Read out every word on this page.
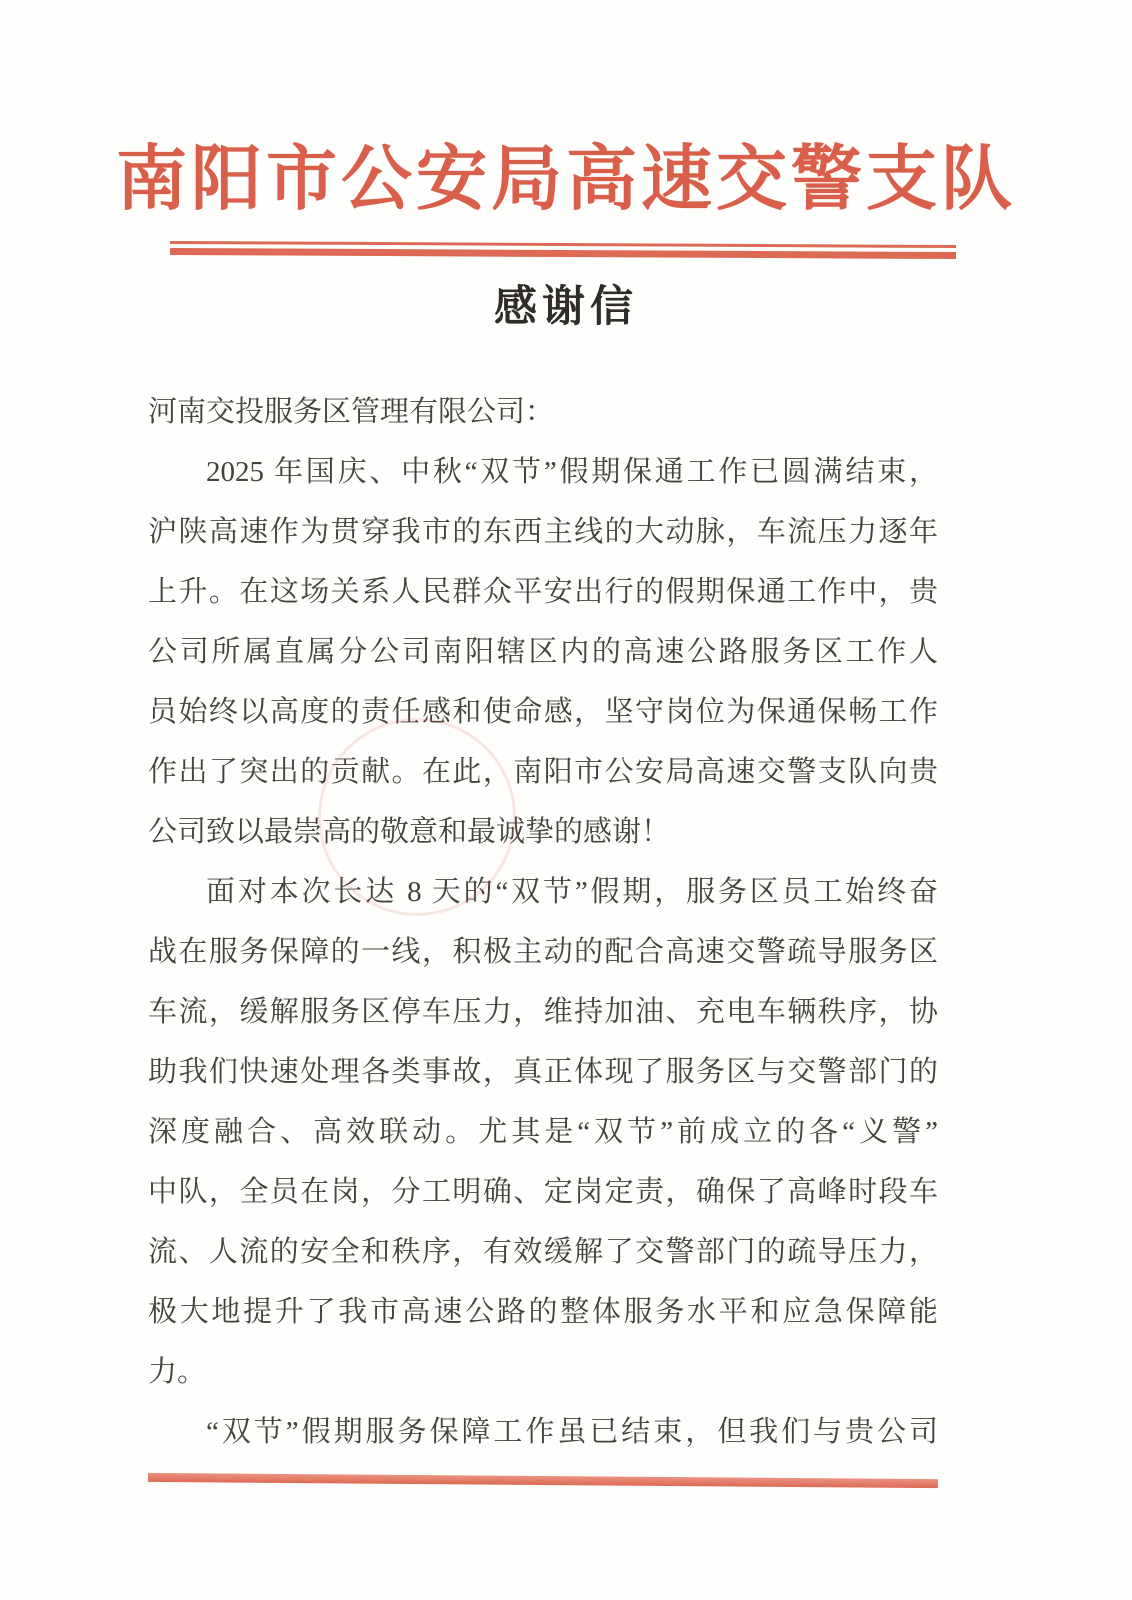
南阳市公安局高速交警支队
感谢信
河南交投服务区管理有限公司：
2025 年国庆、中秋“双节”假期保通工作已圆满结束，
沪陕高速作为贯穿我市的东西主线的大动脉，车流压力逐年
上升。在这场关系人民群众平安出行的假期保通工作中，贵
公司所属直属分公司南阳辖区内的高速公路服务区工作人
员始终以高度的责任感和使命感，坚守岗位为保通保畅工作
作出了突出的贡献。在此，南阳市公安局高速交警支队向贵
公司致以最崇高的敬意和最诚挚的感谢！
面对本次长达 8 天的“双节”假期，服务区员工始终奋
战在服务保障的一线，积极主动的配合高速交警疏导服务区
车流，缓解服务区停车压力，维持加油、充电车辆秩序，协
助我们快速处理各类事故，真正体现了服务区与交警部门的
深度融合、高效联动。尤其是“双节”前成立的各“义警”
中队，全员在岗，分工明确、定岗定责，确保了高峰时段车
流、人流的安全和秩序，有效缓解了交警部门的疏导压力，
极大地提升了我市高速公路的整体服务水平和应急保障能
力。
“双节”假期服务保障工作虽已结束，但我们与贵公司
